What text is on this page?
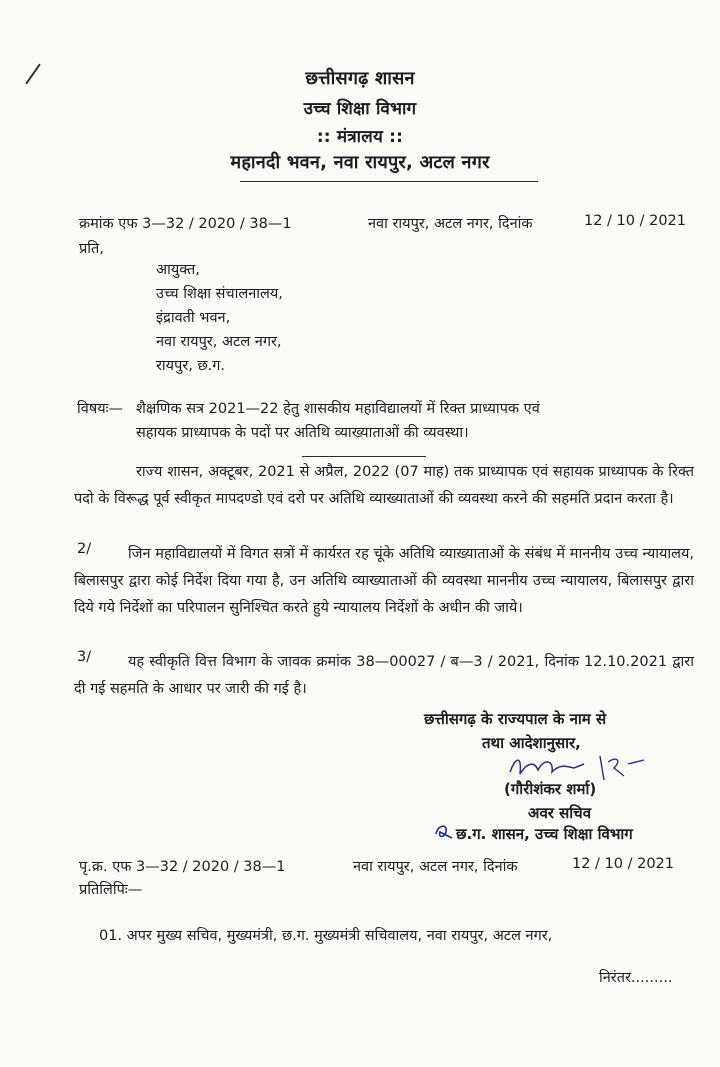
छत्तीसगढ़ शासन
उच्च शिक्षा विभाग
:: मंत्रालय ::
महानदी भवन, नवा रायपुर, अटल नगर
क्रमांक एफ 3—32 / 2020 / 38—1	नवा रायपुर, अटल नगर, दिनांक	12 / 10 / 2021
प्रति,
आयुक्त,
उच्च शिक्षा संचालनालय,
इंद्रावती भवन,
नवा रायपुर, अटल नगर,
रायपुर, छ.ग.
विषयः— शैक्षणिक सत्र 2021—22 हेतु शासकीय महाविद्यालयों में रिक्त प्राध्यापक एवं
सहायक प्राध्यापक के पदों पर अतिथि व्याख्याताओं की व्यवस्था।
राज्य शासन, अक्टूबर, 2021 से अप्रैल, 2022 (07 माह) तक प्राध्यापक एवं सहायक प्राध्यापक के रिक्त पदो के विरूद्ध पूर्व स्वीकृत मापदण्डो एवं दरो पर अतिथि व्याख्याताओं की व्यवस्था करने की सहमति प्रदान करता है।
2/	जिन महाविद्यालयों में विगत सत्रों में कार्यरत रह चूंके अतिथि व्याख्याताओं के संबंध में माननीय उच्च न्यायालय, बिलासपुर द्वारा कोई निर्देश दिया गया है, उन अतिथि व्याख्याताओं की व्यवस्था माननीय उच्च न्यायालय, बिलासपुर द्वारा दिये गये निर्देशों का परिपालन सुनिश्चित करते हुये न्यायालय निर्देशों के अधीन की जाये।
3/	यह स्वीकृति वित्त विभाग के जावक क्रमांक 38—00027 / ब—3 / 2021, दिनांक 12.10.2021 द्वारा दी गई सहमति के आधार पर जारी की गई है।
छत्तीसगढ़ के राज्यपाल के नाम से
तथा आदेशानुसार,
(गौरीशंकर शर्मा)
अवर सचिव
छ.ग. शासन, उच्च शिक्षा विभाग
पृ.क्र. एफ 3—32 / 2020 / 38—1	नवा रायपुर, अटल नगर, दिनांक	12 / 10 / 2021
प्रतिलिपिः—
01. अपर मुख्य सचिव, मुख्यमंत्री, छ.ग. मुख्यमंत्री सचिवालय, नवा रायपुर, अटल नगर,
निरंतर.........
